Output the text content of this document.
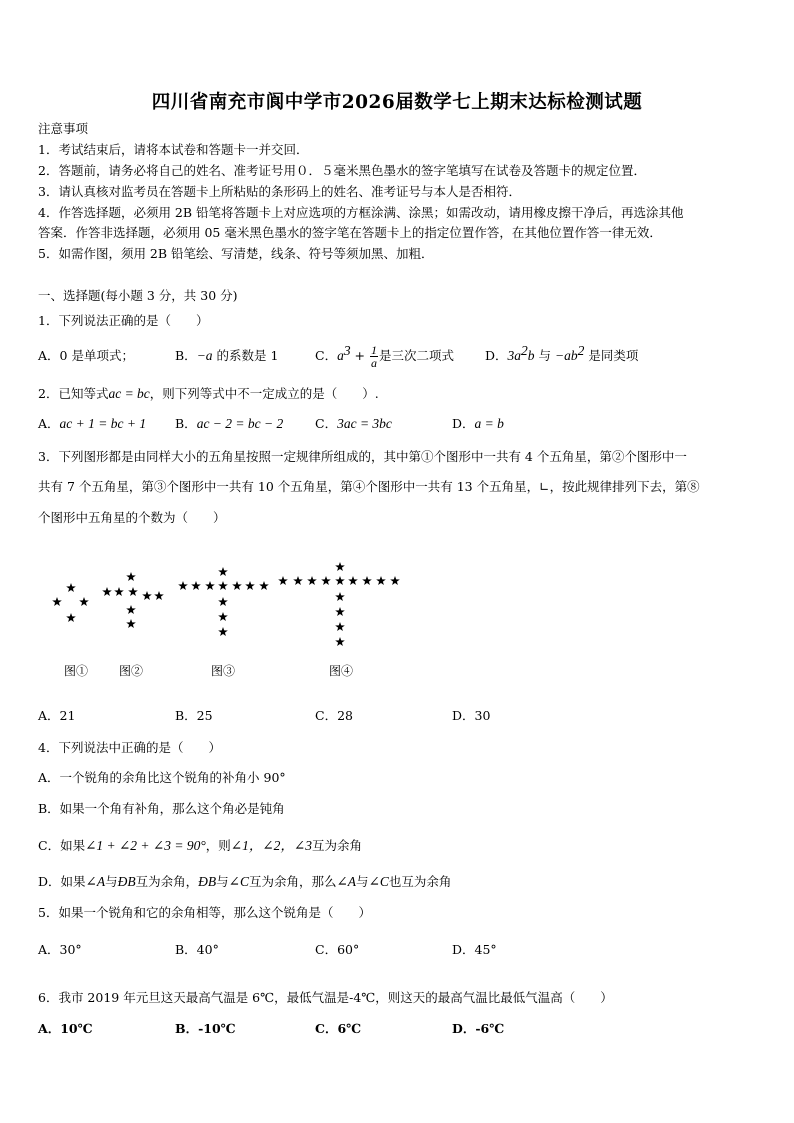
四川省南充市阆中学市2026届数学七上期末达标检测试题
注意事项
1．考试结束后，请将本试卷和答题卡一并交回．
2．答题前，请务必将自己的姓名、准考证号用０．５毫米黑色墨水的签字笔填写在试卷及答题卡的规定位置．
3．请认真核对监考员在答题卡上所粘贴的条形码上的姓名、准考证号与本人是否相符．
4．作答选择题，必须用 2B 铅笔将答题卡上对应选项的方框涂满、涂黑；如需改动，请用橡皮擦干净后，再选涂其他
答案．作答非选择题，必须用 05 毫米黑色墨水的签字笔在答题卡上的指定位置作答，在其他位置作答一律无效．
5．如需作图，须用 2B 铅笔绘、写清楚，线条、符号等须加黑、加粗．
一、选择题(每小题 3 分，共 30 分)
1．下列说法正确的是（　　）
A．0 是单项式；	B．−a 的系数是 1	C．$a^3 + \frac{1}{a}$ 是三次二项式 D．$3a^2b$ 与 $-ab^2$ 是同类项
2．已知等式ac = bc，则下列等式中不一定成立的是（　　）.
A．ac + 1 = bc + 1 B．ac − 2 = bc − 2	C．3ac = 3bc	D．a = b
3．下列图形都是由同样大小的五角星按照一定规律所组成的，其中第①个图形中一共有 4 个五角星，第②个图形中一
共有 7 个五角星，第③个图形中一共有 10 个五角星，第④个图形中一共有 13 个五角星，∟，按此规律排列下去，第⑧
个图形中五角星的个数为（　　）
图①	图②	图③	图④
A．21	B．25	C．28	D．30
4．下列说法中正确的是（　　）
A．一个锐角的余角比这个锐角的补角小 90°
B．如果一个角有补角，那么这个角必是钝角
C．如果∠1 + ∠2 + ∠3 = 90°，则∠1，∠2，∠3互为余角
D．如果∠A与ÐB互为余角，ÐB与∠C互为余角，那么∠A与∠C也互为余角
5．如果一个锐角和它的余角相等，那么这个锐角是（　　）
A．30°	B．40°	C．60°	D．45°
6．我市 2019 年元旦这天最高气温是 6℃，最低气温是-4℃，则这天的最高气温比最低气温高（　　）
A．10℃	B．-10℃	C．6℃	D．-6℃
